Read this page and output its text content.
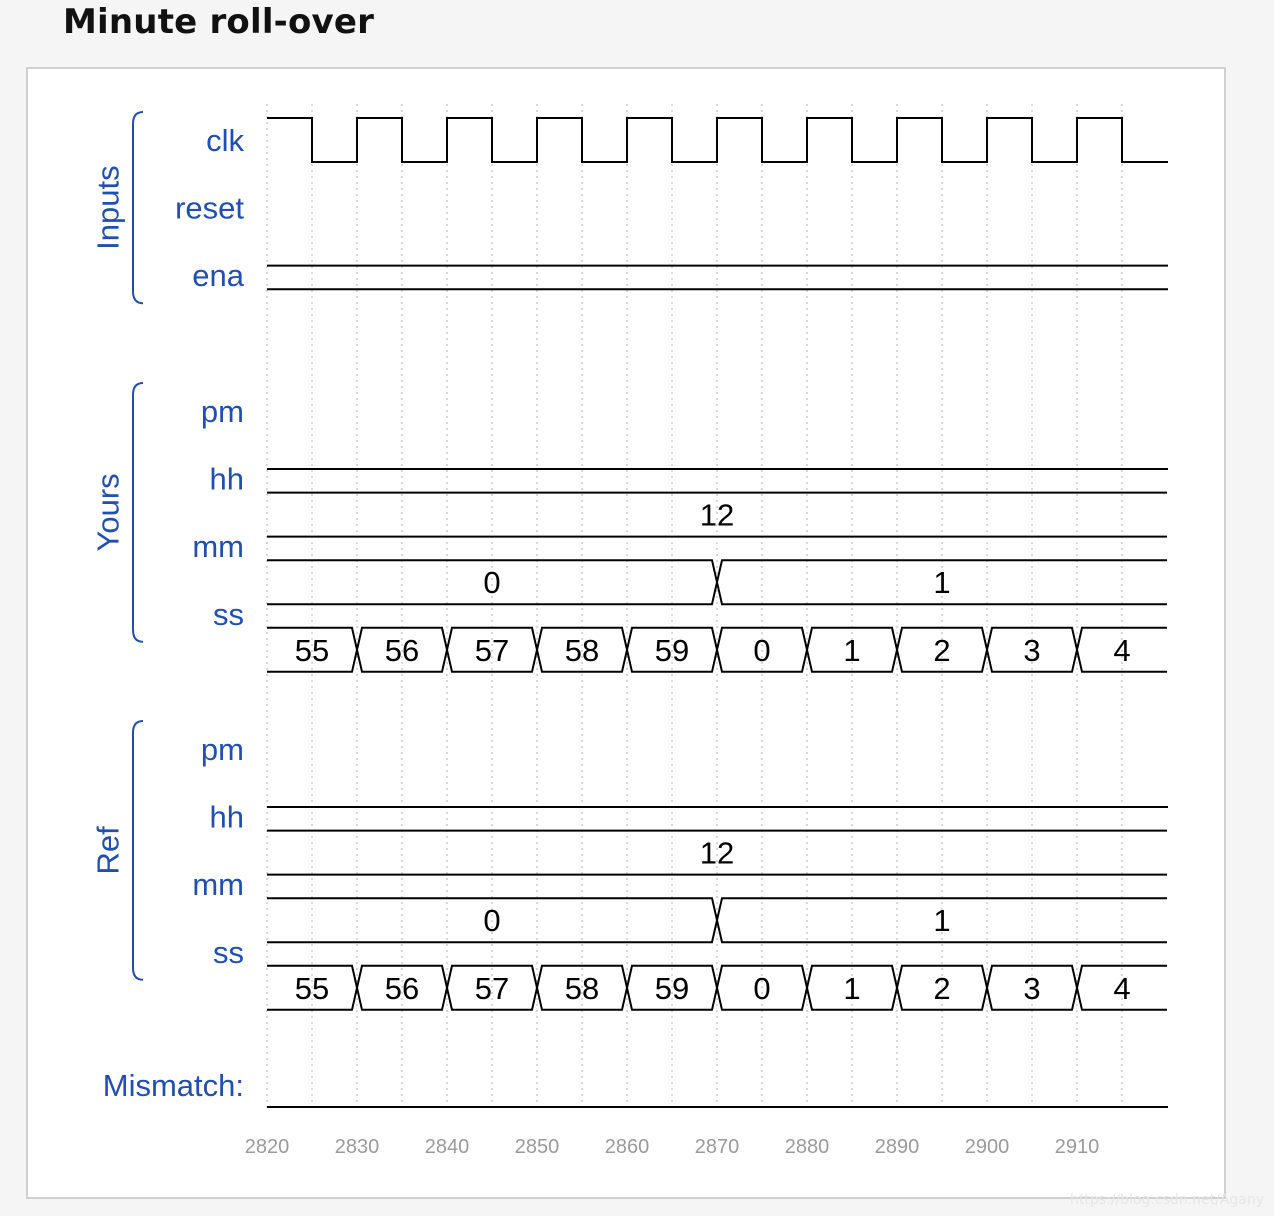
Minute roll-over
Inputs
clk
reset
ena
Yours
pm
hh
12
mm
0	1
ss
55 56 57 58 59 0 1 2 3 4
Ref
pm
hh
12
mm
0	1
ss
55 56 57 58 59 0 1 2 3 4
Mismatch:
2820 2830 2840 2850 2860 2870 2880 2890 2900 2910
https://blog.csdn.net/Agany
